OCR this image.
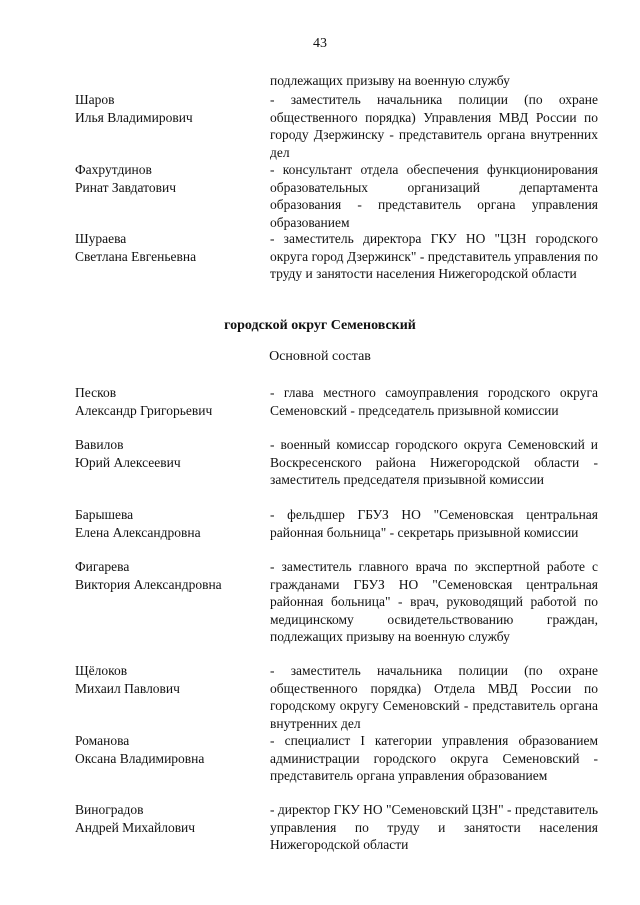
43
подлежащих призыву на военную службу
Шаров
Илья Владимирович
- заместитель начальника полиции (по охране общественного порядка) Управления МВД России по городу Дзержинску - представитель органа внутренних дел
Фахрутдинов
Ринат Завдатович
- консультант отдела обеспечения функционирования образовательных организаций департамента образования - представитель органа управления образованием
Шураева
Светлана Евгеньевна
- заместитель директора ГКУ НО "ЦЗН городского округа город Дзержинск" - представитель управления по труду и занятости населения Нижегородской области
городской округ Семеновский
Основной состав
Песков
Александр Григорьевич
- глава местного самоуправления городского округа Семеновский - председатель призывной комиссии
Вавилов
Юрий Алексеевич
- военный комиссар городского округа Семеновский и Воскресенского района Нижегородской области - заместитель председателя призывной комиссии
Барышева
Елена Александровна
- фельдшер ГБУЗ НО "Семеновская центральная районная больница" - секретарь призывной комиссии
Фигарева
Виктория Александровна
- заместитель главного врача по экспертной работе с гражданами ГБУЗ НО "Семеновская центральная районная больница" - врач, руководящий работой по медицинскому освидетельствованию граждан, подлежащих призыву на военную службу
Щёлоков
Михаил Павлович
- заместитель начальника полиции (по охране общественного порядка) Отдела МВД России по городскому округу Семеновский - представитель органа внутренних дел
Романова
Оксана Владимировна
- специалист I категории управления образованием администрации городского округа Семеновский - представитель органа управления образованием
Виноградов
Андрей Михайлович
- директор ГКУ НО "Семеновский ЦЗН" - представитель управления по труду и занятости населения Нижегородской области
